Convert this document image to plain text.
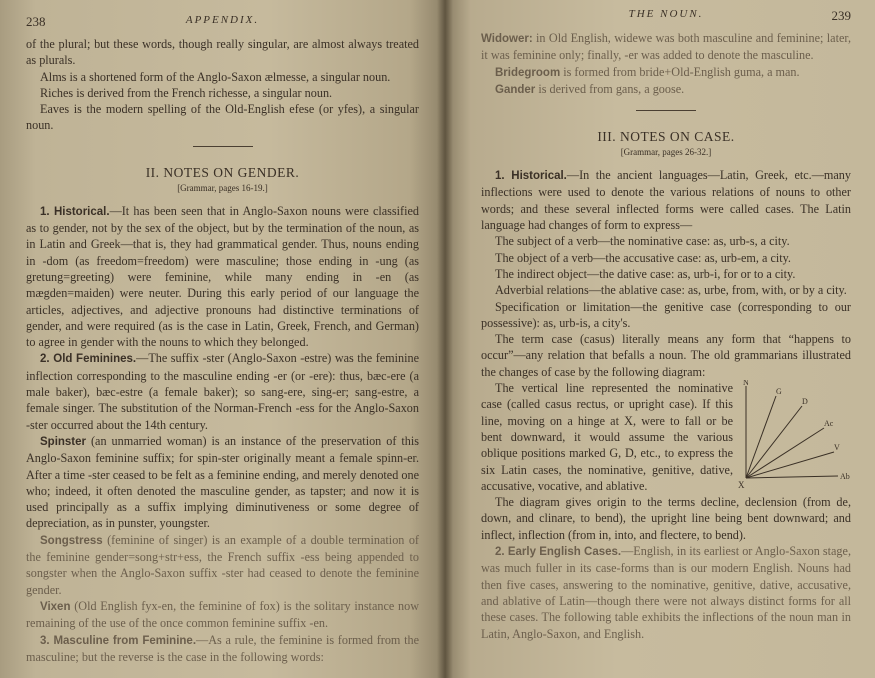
238	APPENDIX.

of the plural; but these words, though really singular, are almost always treated as plurals.

Alms is a shortened form of the Anglo-Saxon ælmesse, a singular noun.

Riches is derived from the French richesse, a singular noun.

Eaves is the modern spelling of the Old-English efese (or yfes), a singular noun.

II. NOTES ON GENDER.
[Grammar, pages 16-19.]

1. Historical.—It has been seen that in Anglo-Saxon nouns were classified as to gender, not by the sex of the object, but by the termination of the noun, as in Latin and Greek—that is, they had grammatical gender. Thus, nouns ending in -dom (as freedom=freedom) were masculine; those ending in -ung (as gretung=greeting) were feminine, while many ending in -en (as mægden=maiden) were neuter. During this early period of our language the articles, adjectives, and adjective pronouns had distinctive terminations of gender, and were required (as is the case in Latin, Greek, French, and German) to agree in gender with the nouns to which they belonged.

2. Old Feminines.—The suffix -ster (Anglo-Saxon -estre) was the feminine inflection corresponding to the masculine ending -er (or -ere): thus, bæc-ere (a male baker), bæc-estre (a female baker); so sang-ere, sing-er; sang-estre, a female singer. The substitution of the Norman-French -ess for the Anglo-Saxon -ster occurred about the 14th century.

Spinster (an unmarried woman) is an instance of the preservation of this Anglo-Saxon feminine suffix; for spin-ster originally meant a female spinn-er. After a time -ster ceased to be felt as a feminine ending, and merely denoted one who; indeed, it often denoted the masculine gender, as tapster; and now it is used principally as a suffix implying diminutiveness or some degree of depreciation, as in punster, youngster.

Songstress (feminine of singer) is an example of a double termination of the feminine gender=song+str+ess, the French suffix -ess being appended to songster when the Anglo-Saxon suffix -ster had ceased to denote the feminine gender.

Vixen (Old English fyx-en, the feminine of fox) is the solitary instance now remaining of the use of the once common feminine suffix -en.

3. Masculine from Feminine.—As a rule, the feminine is formed from the masculine; but the reverse is the case in the following words:

THE NOUN.	239

Widower: in Old English, widewe was both masculine and feminine; later, it was feminine only; finally, -er was added to denote the masculine.

Bridegroom is formed from bride+Old-English guma, a man.

Gander is derived from gans, a goose.

III. NOTES ON CASE.
[Grammar, pages 26-32.]

1. Historical.—In the ancient languages—Latin, Greek, etc.—many inflections were used to denote the various relations of nouns to other words; and these several inflected forms were called cases. The Latin language had changes of form to express—

The subject of a verb—the nominative case: as, urb-s, a city.

The object of a verb—the accusative case: as, urb-em, a city.

The indirect object—the dative case: as, urb-i, for or to a city.

Adverbial relations—the ablative case: as, urbe, from, with, or by a city.

Specification or limitation—the genitive case (corresponding to our possessive): as, urb-is, a city's.

The term case (casus) literally means any form that “happens to occur”—any relation that befalls a noun. The old grammarians illustrated the changes of case by the following diagram:

The vertical line represented the nominative case (called casus rectus, or upright case). If this line, moving on a hinge at X, were to fall or be bent downward, it would assume the various oblique positions marked G, D, etc., to express the six Latin cases, the nominative, genitive, dative, accusative, vocative, and ablative.

N
G
D
Ac
V
Ab
X

The diagram gives origin to the terms decline, declension (from de, down, and clinare, to bend), the upright line being bent downward; and inflect, inflection (from in, into, and flectere, to bend).

2. Early English Cases.—English, in its earliest or Anglo-Saxon stage, was much fuller in its case-forms than is our modern English. Nouns had then five cases, answering to the nominative, genitive, dative, accusative, and ablative of Latin—though there were not always distinct forms for all these cases. The following table exhibits the inflections of the noun man in Latin, Anglo-Saxon, and English.
